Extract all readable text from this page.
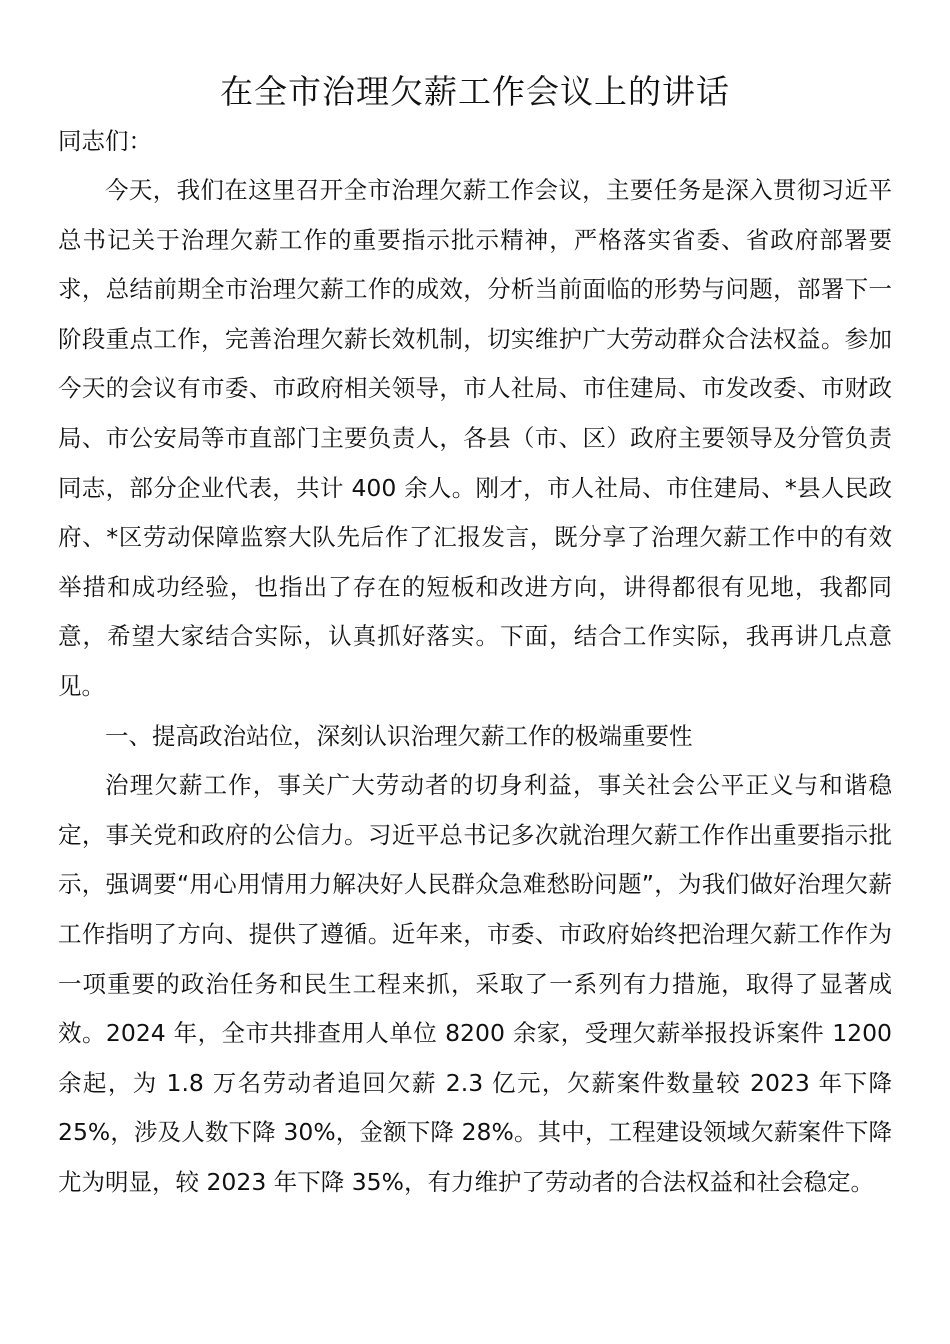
在全市治理欠薪工作会议上的讲话

同志们：

今天，我们在这里召开全市治理欠薪工作会议，主要任务是深入贯彻习近平总书记关于治理欠薪工作的重要指示批示精神，严格落实省委、省政府部署要求，总结前期全市治理欠薪工作的成效，分析当前面临的形势与问题，部署下一阶段重点工作，完善治理欠薪长效机制，切实维护广大劳动群众合法权益。参加今天的会议有市委、市政府相关领导，市人社局、市住建局、市发改委、市财政局、市公安局等市直部门主要负责人，各县（市、区）政府主要领导及分管负责同志，部分企业代表，共计 400 余人。刚才，市人社局、市住建局、*县人民政府、*区劳动保障监察大队先后作了汇报发言，既分享了治理欠薪工作中的有效举措和成功经验，也指出了存在的短板和改进方向，讲得都很有见地，我都同意，希望大家结合实际，认真抓好落实。下面，结合工作实际，我再讲几点意见。

一、提高政治站位，深刻认识治理欠薪工作的极端重要性

治理欠薪工作，事关广大劳动者的切身利益，事关社会公平正义与和谐稳定，事关党和政府的公信力。习近平总书记多次就治理欠薪工作作出重要指示批示，强调要“用心用情用力解决好人民群众急难愁盼问题”，为我们做好治理欠薪工作指明了方向、提供了遵循。近年来，市委、市政府始终把治理欠薪工作作为一项重要的政治任务和民生工程来抓，采取了一系列有力措施，取得了显著成效。2024 年，全市共排查用人单位 8200 余家，受理欠薪举报投诉案件 1200 余起，为 1.8 万名劳动者追回欠薪 2.3 亿元，欠薪案件数量较 2023 年下降 25%，涉及人数下降 30%，金额下降 28%。其中，工程建设领域欠薪案件下降尤为明显，较 2023 年下降 35%，有力维护了劳动者的合法权益和社会稳定。
